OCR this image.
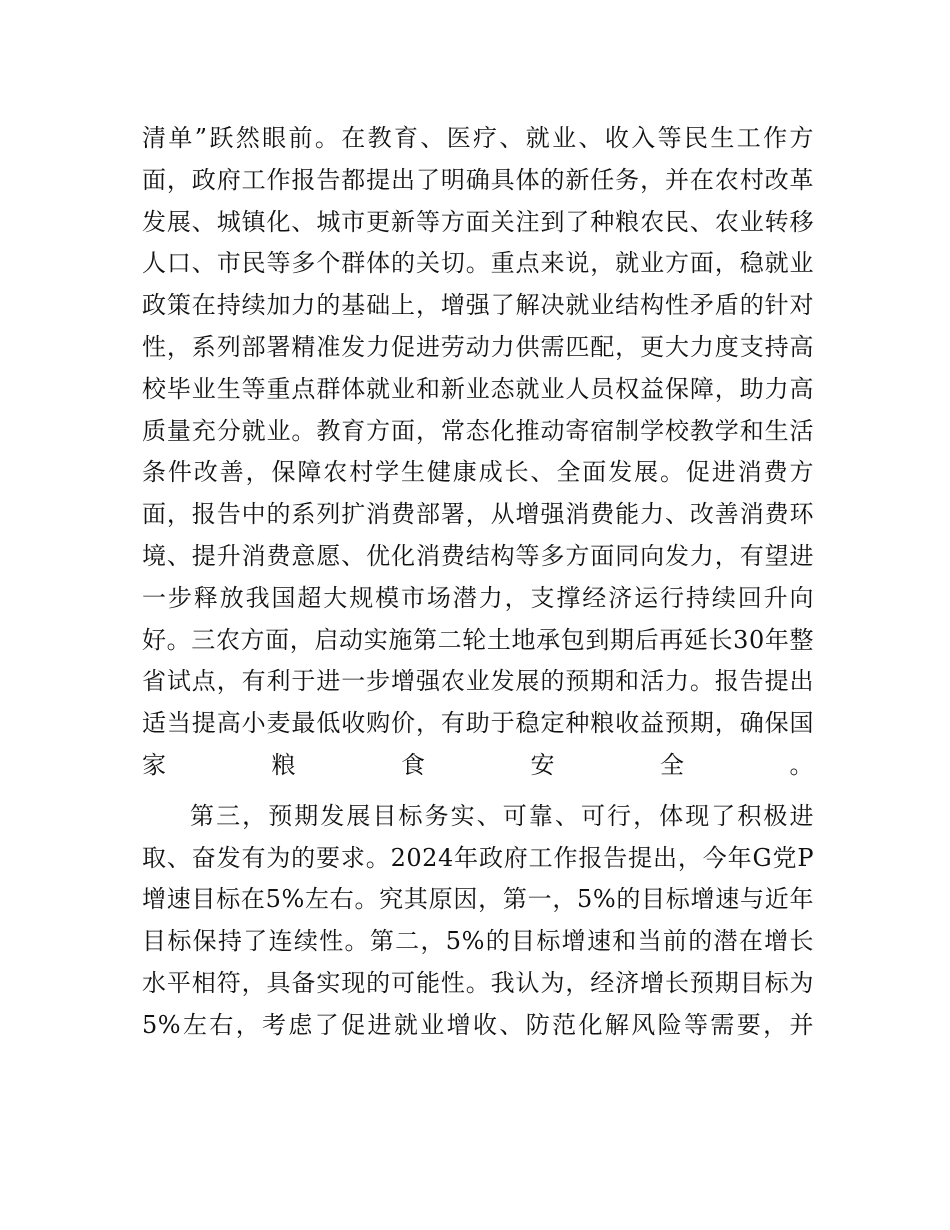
清单”跃然眼前。在教育、医疗、就业、收入等民生工作方面，政府工作报告都提出了明确具体的新任务，并在农村改革发展、城镇化、城市更新等方面关注到了种粮农民、农业转移人口、市民等多个群体的关切。重点来说，就业方面，稳就业政策在持续加力的基础上，增强了解决就业结构性矛盾的针对性，系列部署精准发力促进劳动力供需匹配，更大力度支持高校毕业生等重点群体就业和新业态就业人员权益保障，助力高质量充分就业。教育方面，常态化推动寄宿制学校教学和生活条件改善，保障农村学生健康成长、全面发展。促进消费方面，报告中的系列扩消费部署，从增强消费能力、改善消费环境、提升消费意愿、优化消费结构等多方面同向发力，有望进一步释放我国超大规模市场潜力，支撑经济运行持续回升向好。三农方面，启动实施第二轮土地承包到期后再延长30年整省试点，有利于进一步增强农业发展的预期和活力。报告提出适当提高小麦最低收购价，有助于稳定种粮收益预期，确保国家粮食安全。

第三，预期发展目标务实、可靠、可行，体现了积极进取、奋发有为的要求。2024年政府工作报告提出，今年G党P增速目标在5%左右。究其原因，第一，5%的目标增速与近年目标保持了连续性。第二，5%的目标增速和当前的潜在增长水平相符，具备实现的可能性。我认为，经济增长预期目标为5%左右，考虑了促进就业增收、防范化解风险等需要，并
